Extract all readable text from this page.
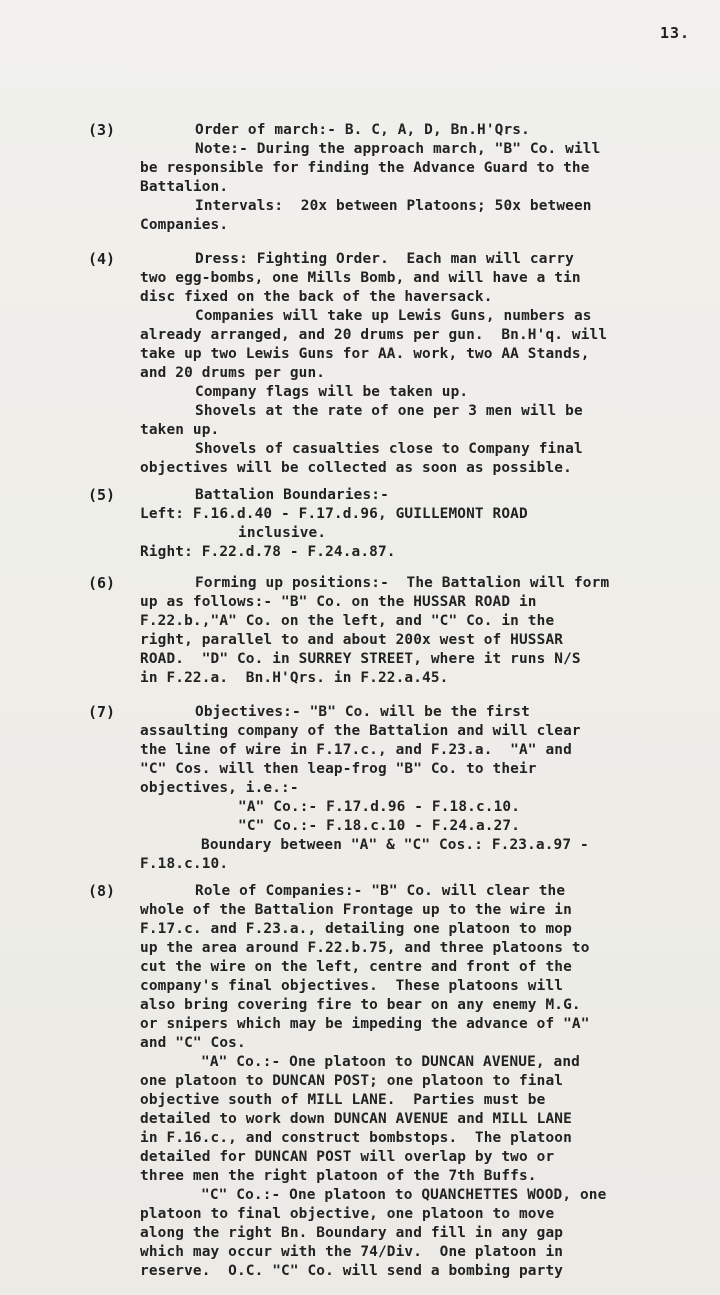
13.
(3)	Order of march:- B. C, A, D, Bn.H'Qrs.
Note:- During the approach march, "B" Co. will
be responsible for finding the Advance Guard to the
Battalion.
Intervals:  20x between Platoons; 50x between
Companies.
(4)	Dress: Fighting Order.  Each man will carry
two egg-bombs, one Mills Bomb, and will have a tin
disc fixed on the back of the haversack.
Companies will take up Lewis Guns, numbers as
already arranged, and 20 drums per gun.  Bn.H'q. will
take up two Lewis Guns for AA. work, two AA Stands,
and 20 drums per gun.
Company flags will be taken up.
Shovels at the rate of one per 3 men will be
taken up.
Shovels of casualties close to Company final
objectives will be collected as soon as possible.
(5)	Battalion Boundaries:-
Left: F.16.d.40 - F.17.d.96, GUILLEMONT ROAD
inclusive.
Right: F.22.d.78 - F.24.a.87.
(6)	Forming up positions:-  The Battalion will form
up as follows:- "B" Co. on the HUSSAR ROAD in
F.22.b.,"A" Co. on the left, and "C" Co. in the
right, parallel to and about 200x west of HUSSAR
ROAD.  "D" Co. in SURREY STREET, where it runs N/S
in F.22.a.  Bn.H'Qrs. in F.22.a.45.
(7)	Objectives:- "B" Co. will be the first
assaulting company of the Battalion and will clear
the line of wire in F.17.c., and F.23.a.  "A" and
"C" Cos. will then leap-frog "B" Co. to their
objectives, i.e.:-
"A" Co.:- F.17.d.96 - F.18.c.10.
"C" Co.:- F.18.c.10 - F.24.a.27.
Boundary between "A" & "C" Cos.: F.23.a.97 -
F.18.c.10.
(8)	Role of Companies:- "B" Co. will clear the
whole of the Battalion Frontage up to the wire in
F.17.c. and F.23.a., detailing one platoon to mop
up the area around F.22.b.75, and three platoons to
cut the wire on the left, centre and front of the
company's final objectives.  These platoons will
also bring covering fire to bear on any enemy M.G.
or snipers which may be impeding the advance of "A"
and "C" Cos.
"A" Co.:- One platoon to DUNCAN AVENUE, and
one platoon to DUNCAN POST; one platoon to final
objective south of MILL LANE.  Parties must be
detailed to work down DUNCAN AVENUE and MILL LANE
in F.16.c., and construct bombstops.  The platoon
detailed for DUNCAN POST will overlap by two or
three men the right platoon of the 7th Buffs.
"C" Co.:- One platoon to QUANCHETTES WOOD, one
platoon to final objective, one platoon to move
along the right Bn. Boundary and fill in any gap
which may occur with the 74/Div.  One platoon in
reserve.  O.C. "C" Co. will send a bombing party
